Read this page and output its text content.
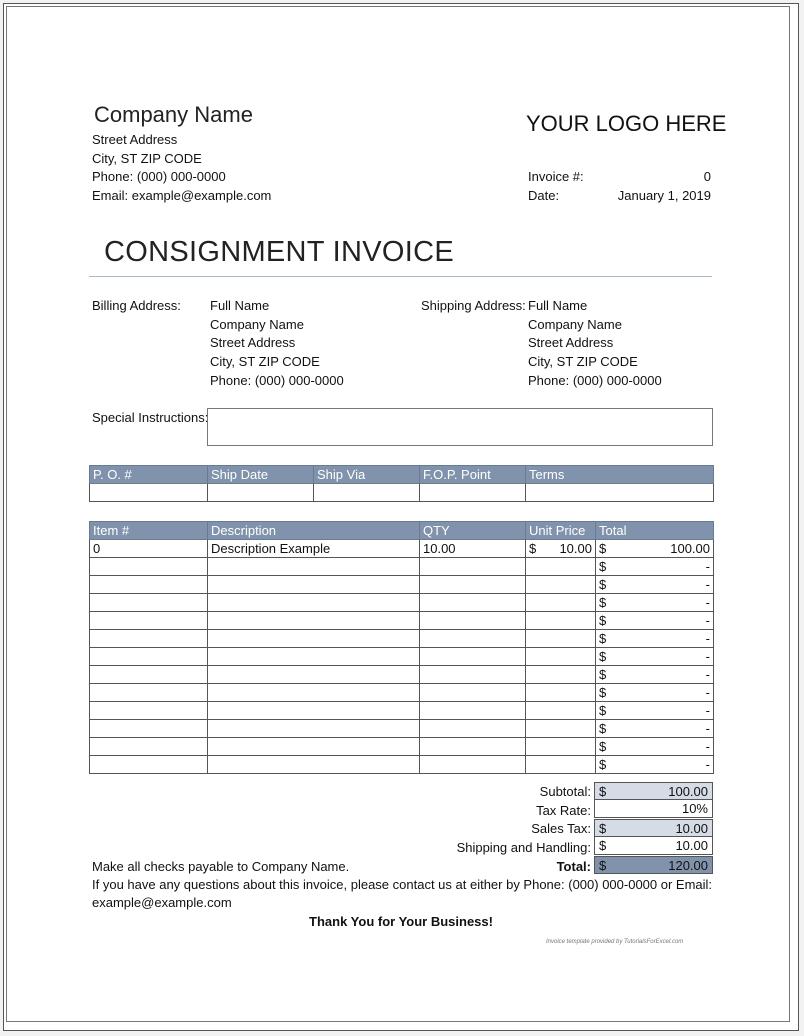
Company Name
Street Address
City, ST ZIP CODE
Phone: (000) 000-0000
Email: example@example.com
YOUR LOGO HERE
Invoice #:	0
Date:	January 1, 2019
CONSIGNMENT INVOICE
Billing Address: Full Name
Company Name
Street Address
City, ST ZIP CODE
Phone: (000) 000-0000
Shipping Address: Full Name
Company Name
Street Address
City, ST ZIP CODE
Phone: (000) 000-0000
Special Instructions:
P. O. #	Ship Date	Ship Via	F.O.P. Point	Terms

Item #	Description	QTY	Unit Price	Total
0	Description Example	10.00	$ 10.00	$ 100.00

				$ -

				$ -

				$ -

				$ -

				$ -

				$ -

				$ -

				$ -

				$ -

				$ -

				$ -

				$ -
Subtotal: $	100.00
Tax Rate:	10%
Sales Tax: $	10.00
Shipping and Handling: $	10.00
Total: $	120.00
Make all checks payable to Company Name.
If you have any questions about this invoice, please contact us at either by Phone: (000) 000-0000 or Email:
example@example.com
Thank You for Your Business!
Invoice template provided by TutorialsForExcel.com
